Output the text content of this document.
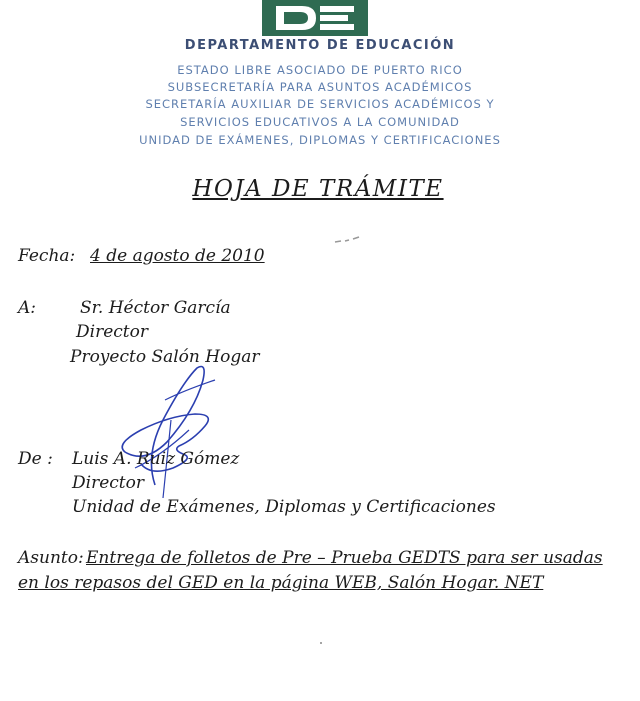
DEPARTAMENTO DE EDUCACIÓN
ESTADO LIBRE ASOCIADO DE PUERTO RICO
SUBSECRETARÍA PARA ASUNTOS ACADÉMICOS
SECRETARÍA AUXILIAR DE SERVICIOS ACADÉMICOS Y
SERVICIOS EDUCATIVOS A LA COMUNIDAD
UNIDAD DE EXÁMENES, DIPLOMAS Y CERTIFICACIONES
HOJA DE TRÁMITE
Fecha: 4 de agosto de 2010
A:	Sr. Héctor García
Director
Proyecto Salón Hogar
De : Luis A. Ruiz Gómez
Director
Unidad de Exámenes, Diplomas y Certificaciones
Asunto: Entrega de folletos de Pre – Prueba GEDTS para ser usadas
en los repasos del GED en la página WEB, Salón Hogar. NET
